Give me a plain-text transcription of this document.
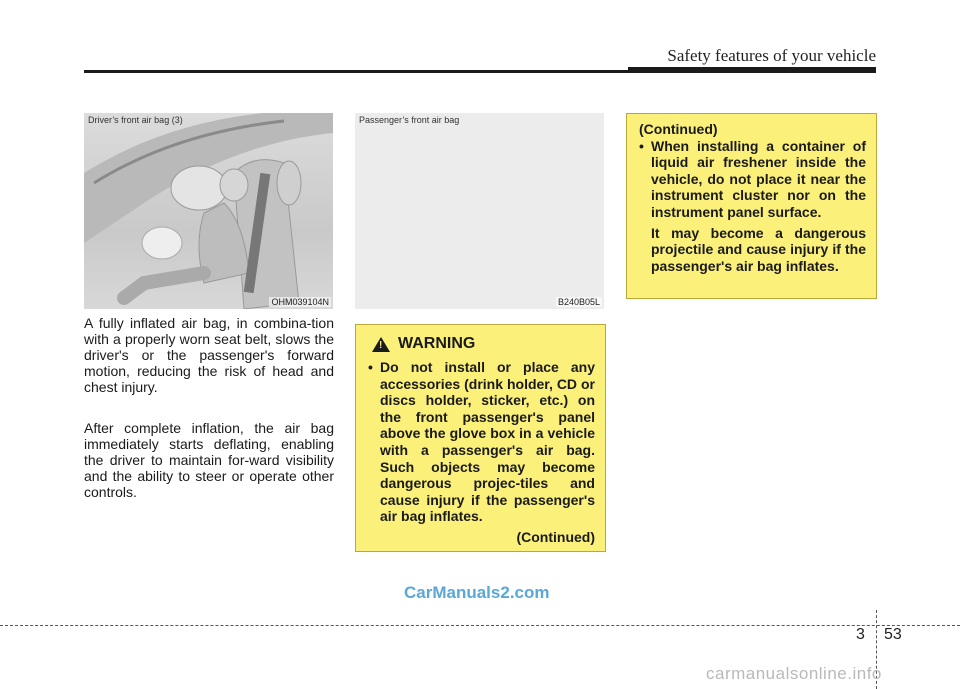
Safety features of your vehicle
Driver’s front air bag (3)
OHM039104N
Passenger’s front air bag
B240B05L
A fully inflated air bag, in combina-tion with a properly worn seat belt, slows the driver's or the passenger's forward motion, reducing the risk of head and chest injury.
After complete inflation, the air bag immediately starts deflating, enabling the driver to maintain for-ward visibility and the ability to steer or operate other controls.
(Continued)
• When installing a container of liquid air freshener inside the vehicle, do not place it near the instrument cluster nor on the instrument panel surface.
It may become a dangerous projectile and cause injury if the passenger's air bag inflates.
! WARNING
• Do not install or place any accessories (drink holder, CD or discs holder, sticker, etc.) on the front passenger's panel above the glove box in a vehicle with a passenger's air bag. Such objects may become dangerous projec-tiles and cause injury if the passenger's air bag inflates.
(Continued)
CarManuals2.com
3 53
carmanualsonline.info
